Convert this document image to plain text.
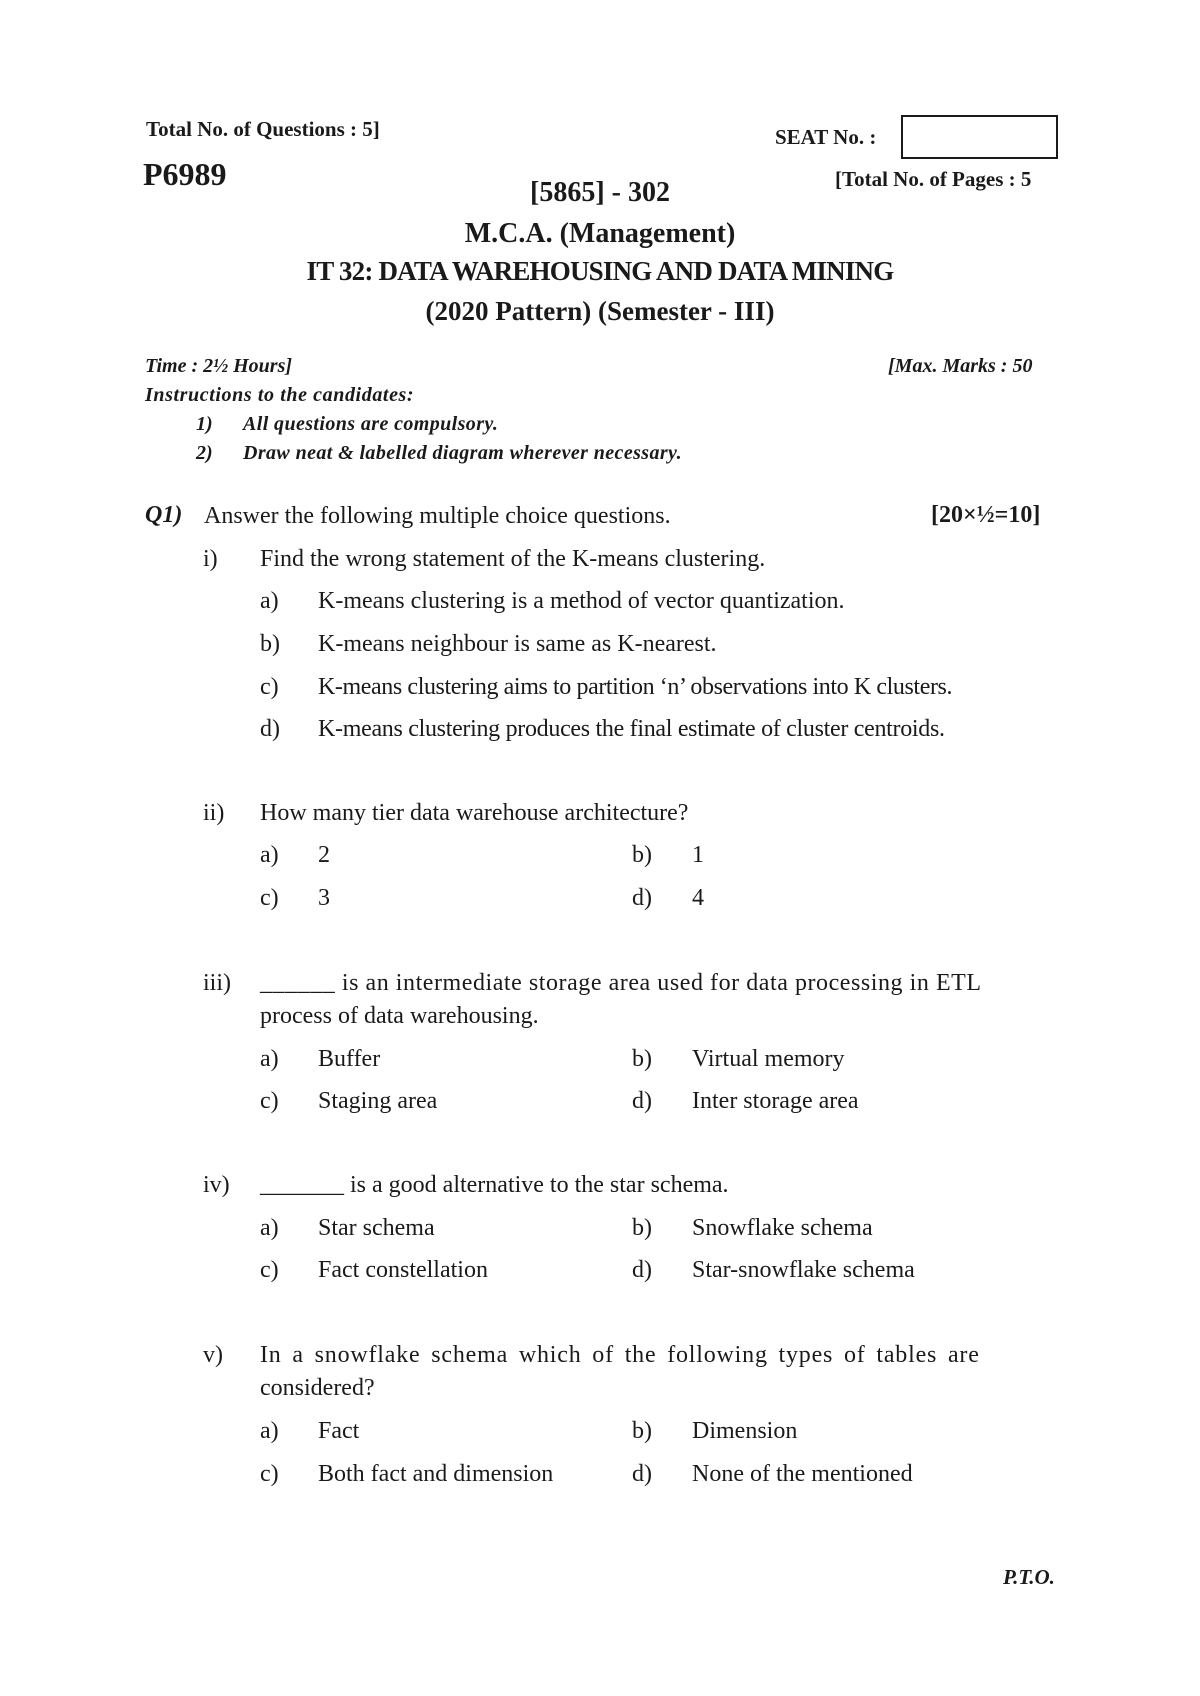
Total No. of Questions : 5]	SEAT No. :
P6989	[Total No. of Pages : 5
[5865] - 302
M.C.A. (Management)
IT 32: DATA WAREHOUSING AND DATA MINING
(2020 Pattern) (Semester - III)
Time : 2½ Hours]	[Max. Marks : 50
Instructions to the candidates:
1) All questions are compulsory.
2) Draw neat & labelled diagram wherever necessary.
Q1) Answer the following multiple choice questions.	[20×½=10]
i) Find the wrong statement of the K-means clustering.
a) K-means clustering is a method of vector quantization.
b) K-means neighbour is same as K-nearest.
c) K-means clustering aims to partition ‘n’ observations into K clusters.
d) K-means clustering produces the final estimate of cluster centroids.
ii) How many tier data warehouse architecture?
a) 2	b) 1
c) 3	d) 4
iii) ______ is an intermediate storage area used for data processing in ETL
process of data warehousing.
a) Buffer	b) Virtual memory
c) Staging area	d) Inter storage area
iv) _______ is a good alternative to the star schema.
a) Star schema	b) Snowflake schema
c) Fact constellation	d) Star-snowflake schema
v) In a snowflake schema which of the following types of tables are
considered?
a) Fact	b) Dimension
c) Both fact and dimension	d) None of the mentioned
P.T.O.
